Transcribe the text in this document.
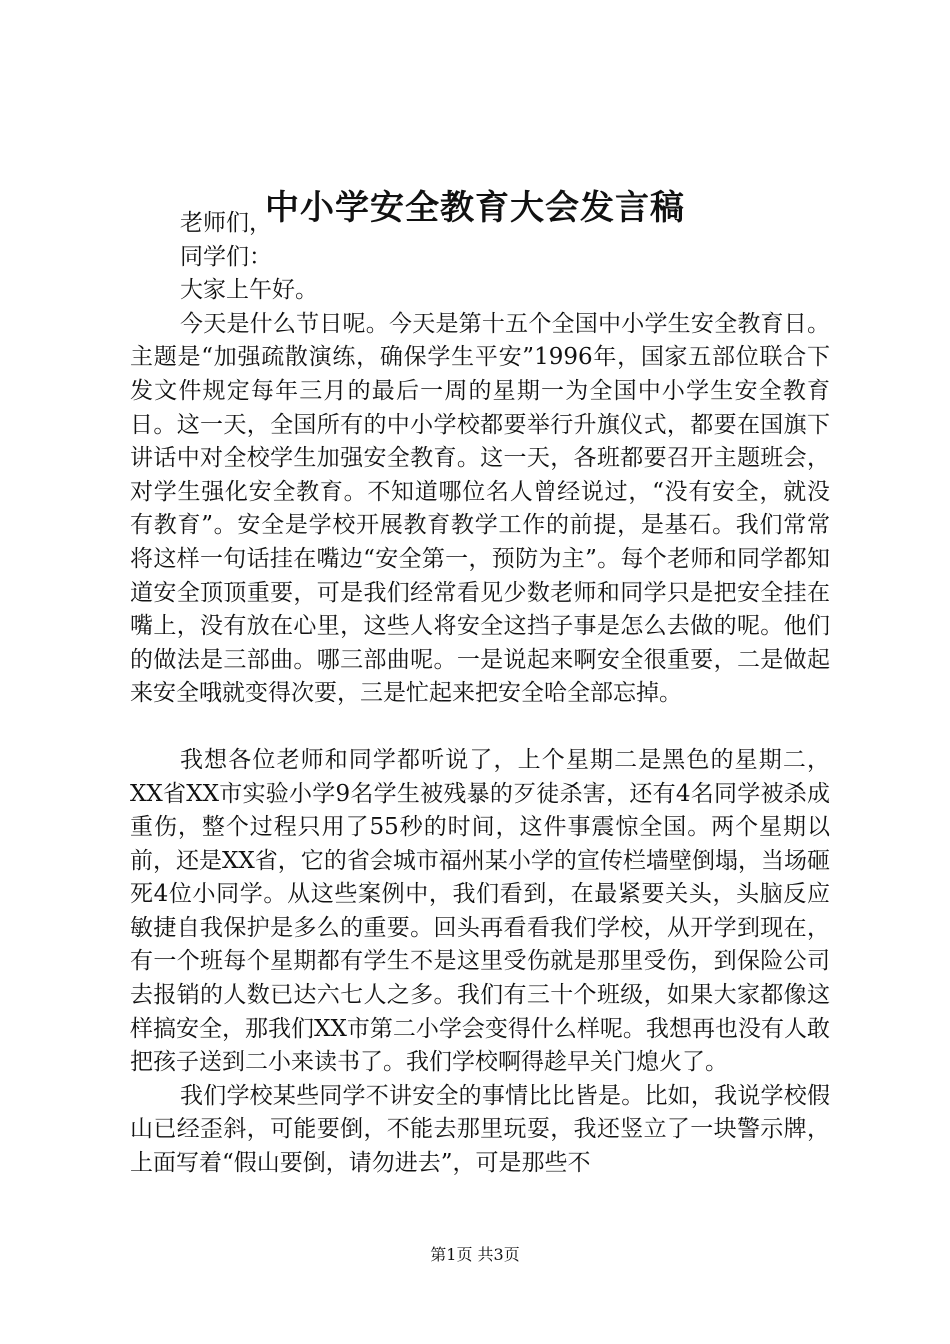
中小学安全教育大会发言稿

老师们，

同学们：

大家上午好。

今天是什么节日呢。今天是第十五个全国中小学生安全教育日。主题是“加强疏散演练，确保学生平安”1996年，国家五部位联合下发文件规定每年三月的最后一周的星期一为全国中小学生安全教育日。这一天，全国所有的中小学校都要举行升旗仪式，都要在国旗下讲话中对全校学生加强安全教育。这一天，各班都要召开主题班会，对学生强化安全教育。不知道哪位名人曾经说过，“没有安全，就没有教育”。安全是学校开展教育教学工作的前提，是基石。我们常常将这样一句话挂在嘴边“安全第一，预防为主”。每个老师和同学都知道安全顶顶重要，可是我们经常看见少数老师和同学只是把安全挂在嘴上，没有放在心里，这些人将安全这挡子事是怎么去做的呢。他们的做法是三部曲。哪三部曲呢。一是说起来啊安全很重要，二是做起来安全哦就变得次要，三是忙起来把安全哈全部忘掉。

我想各位老师和同学都听说了，上个星期二是黑色的星期二，XX省XX市实验小学9名学生被残暴的歹徒杀害，还有4名同学被杀成重伤，整个过程只用了55秒的时间，这件事震惊全国。两个星期以前，还是XX省，它的省会城市福州某小学的宣传栏墙壁倒塌，当场砸死4位小同学。从这些案例中，我们看到，在最紧要关头，头脑反应敏捷自我保护是多么的重要。回头再看看我们学校，从开学到现在，有一个班每个星期都有学生不是这里受伤就是那里受伤，到保险公司去报销的人数已达六七人之多。我们有三十个班级，如果大家都像这样搞安全，那我们XX市第二小学会变得什么样呢。我想再也没有人敢把孩子送到二小来读书了。我们学校啊得趁早关门熄火了。

我们学校某些同学不讲安全的事情比比皆是。比如，我说学校假山已经歪斜，可能要倒，不能去那里玩耍，我还竖立了一块警示牌，上面写着“假山要倒，请勿进去”，可是那些不

第1页 共3页
